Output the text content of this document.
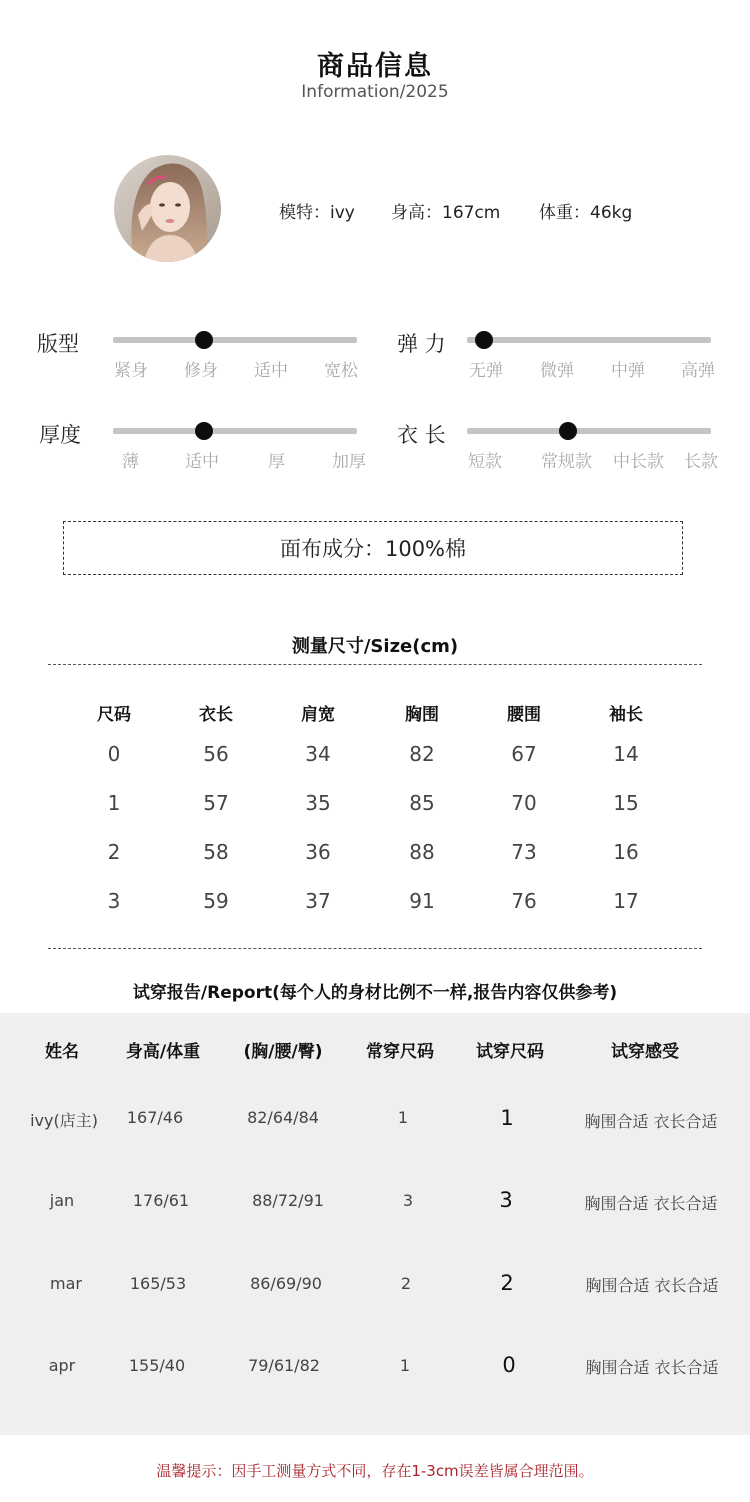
商品信息
Information/2025
模特：ivy 身高：167cm 体重：46kg
版型
紧身 修身 适中 宽松
弹 力
无弹 微弹 中弹 高弹
厚度
薄	适中	厚	加厚
衣 长
短款 常规款 中长款 长款
面布成分：100%棉
测量尺寸/Size(cm)
尺码	衣长	肩宽	胸围	腰围	袖长
0	56	34	82	67	14
1	57	35	85	70	15
2	58	36	88	73	16
3	59	37	91	76	17
试穿报告/Report(每个人的身材比例不一样,报告内容仅供参考)
姓名	身高/体重	(胸/腰/臀)	常穿尺码	试穿尺码	试穿感受
ivy(店主)	167/46	82/64/84	1	1	胸围合适 衣长合适
jan	176/61	88/72/91	3	3	胸围合适 衣长合适
mar	165/53	86/69/90	2	2	胸围合适 衣长合适
apr	155/40	79/61/82	1	0	胸围合适 衣长合适
温馨提示：因手工测量方式不同，存在1-3cm误差皆属合理范围。
